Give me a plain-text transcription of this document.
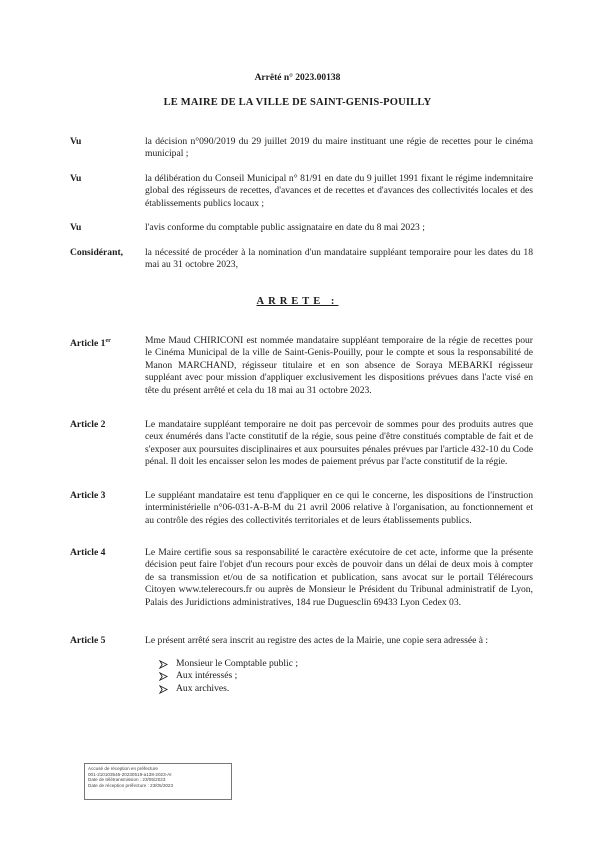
Arrêté n° 2023.00138
LE MAIRE DE LA VILLE DE SAINT-GENIS-POUILLY
Vu	la décision n°090/2019 du 29 juillet 2019 du maire instituant une régie de recettes pour le cinéma municipal ;
Vu	la délibération du Conseil Municipal n° 81/91 en date du 9 juillet 1991 fixant le régime indemnitaire global des régisseurs de recettes, d'avances et de recettes et d'avances des collectivités locales et des établissements publics locaux ;
Vu	l'avis conforme du comptable public assignataire en date du 8 mai 2023 ;
Considérant, la nécessité de procéder à la nomination d'un mandataire suppléant temporaire pour les dates du 18 mai au 31 octobre 2023,
ARRETE :
Article 1er	Mme Maud CHIRICONI est nommée mandataire suppléant temporaire de la régie de recettes pour le Cinéma Municipal de la ville de Saint-Genis-Pouilly, pour le compte et sous la responsabilité de Manon MARCHAND, régisseur titulaire et en son absence de Soraya MEBARKI régisseur suppléant avec pour mission d'appliquer exclusivement les dispositions prévues dans l'acte visé en tête du présent arrêté et cela du 18 mai au 31 octobre 2023.
Article 2	Le mandataire suppléant temporaire ne doit pas percevoir de sommes pour des produits autres que ceux énumérés dans l'acte constitutif de la régie, sous peine d'être constitués comptable de fait et de s'exposer aux poursuites disciplinaires et aux poursuites pénales prévues par l'article 432-10 du Code pénal. Il doit les encaisser selon les modes de paiement prévus par l'acte constitutif de la régie.
Article 3	Le suppléant mandataire est tenu d'appliquer en ce qui le concerne, les dispositions de l'instruction interministérielle n°06-031-A-B-M du 21 avril 2006 relative à l'organisation, au fonctionnement et au contrôle des régies des collectivités territoriales et de leurs établissements publics.
Article 4	Le Maire certifie sous sa responsabilité le caractère exécutoire de cet acte, informe que la présente décision peut faire l'objet d'un recours pour excès de pouvoir dans un délai de deux mois à compter de sa transmission et/ou de sa notification et publication, sans avocat sur le portail Télérecours Citoyen www.telerecours.fr ou auprès de Monsieur le Président du Tribunal administratif de Lyon, Palais des Juridictions administratives, 184 rue Duguesclin 69433 Lyon Cedex 03.
Article 5	Le présent arrêté sera inscrit au registre des actes de la Mairie, une copie sera adressée à :
Monsieur le Comptable public ;
Aux intéressés ;
Aux archives.
Accusé de réception en préfecture
001-210103545-20230519-a138-2023-AI
Date de télétransmission : 23/05/2023
Date de réception préfecture : 23/05/2023
